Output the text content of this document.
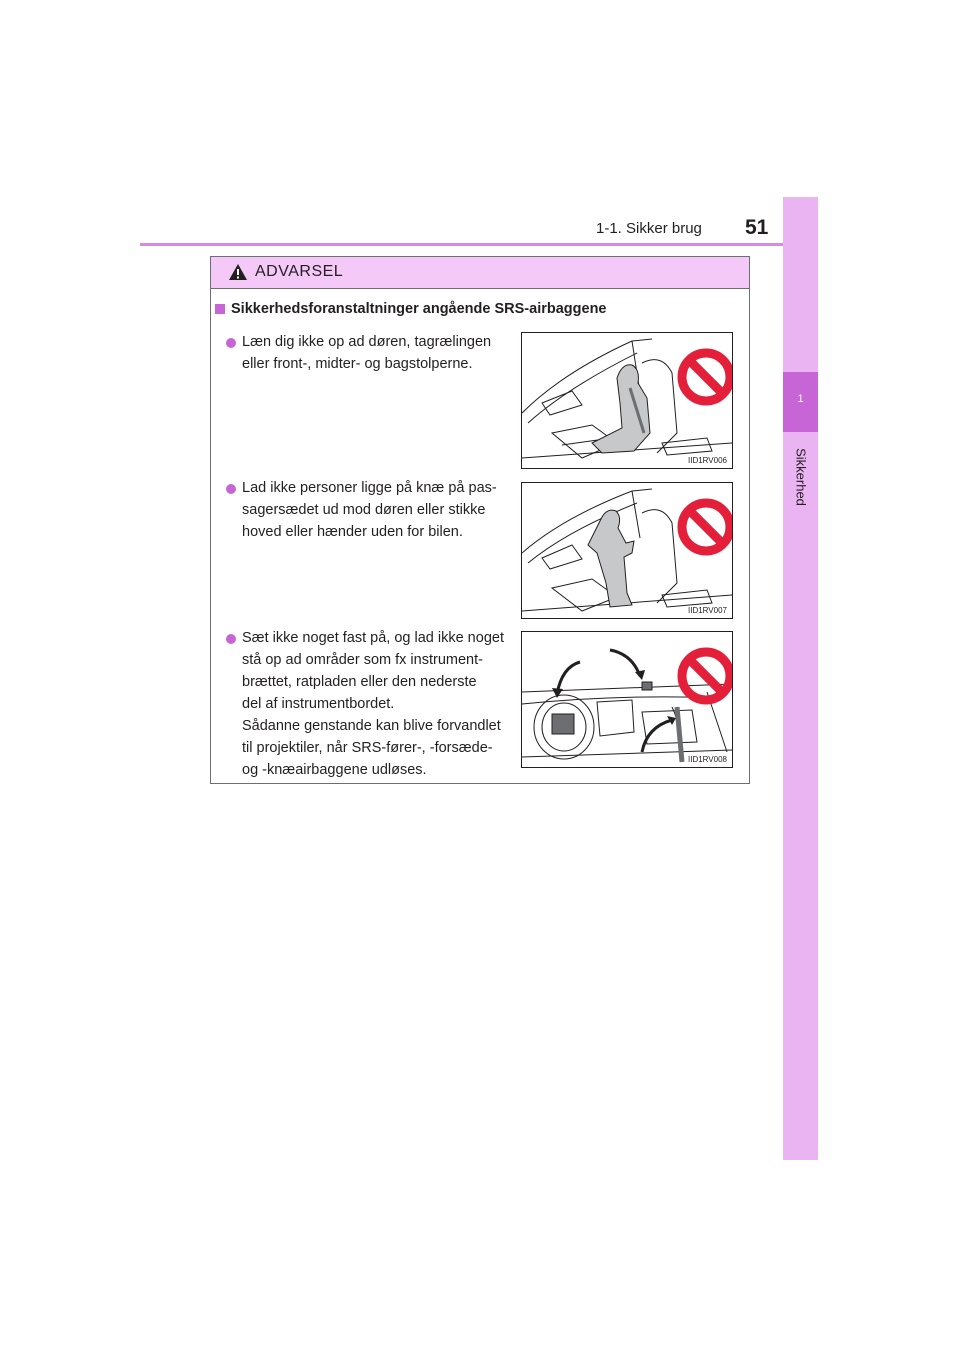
1-1. Sikker brug 51
1
Sikkerhed
ADVARSEL
Sikkerhedsforanstaltninger angående SRS-airbaggene
Læn dig ikke op ad døren, tagrælingen
eller front-, midter- og bagstolperne.
IID1RV006
Lad ikke personer ligge på knæ på pas-
sagersædet ud mod døren eller stikke
hoved eller hænder uden for bilen.
IID1RV007
Sæt ikke noget fast på, og lad ikke noget
stå op ad områder som fx instrument-
brættet, ratpladen eller den nederste
del af instrumentbordet.
Sådanne genstande kan blive forvandlet
til projektiler, når SRS-fører-, -forsæde-
og -knæairbaggene udløses.
IID1RV008
